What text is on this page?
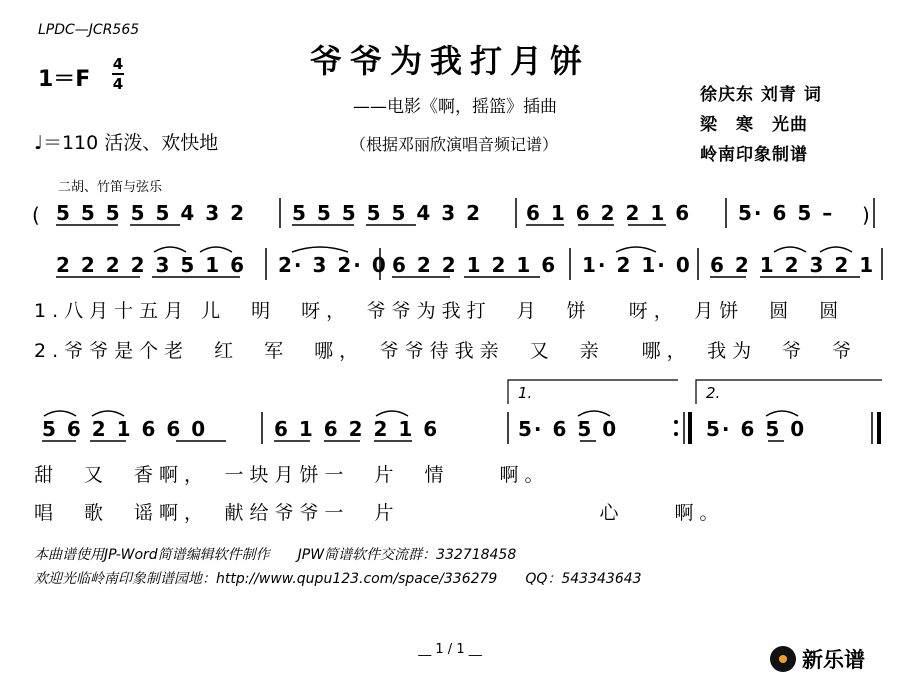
LPDC—JCR565
爷爷为我打月饼
——电影《啊，摇篮》插曲
（根据邓丽欣演唱音频记谱）
1＝F
4
4
♩＝110 活泼、欢快地
徐庆东 刘青 词
梁　寒　光曲
岭南印象制谱
二胡、竹笛与弦乐
( 5 5 5 5 5 4 3 2 5 5 5 5 5 4 3 2 6 1 6 2 2 1 6 5· 6 5 – )
2 2 2 2 3 5 1 6 2· 3 2· 0 6 2 2 1 2 1 6 1· 2 1· 0 6 2 1 2 3 2 1
1.八月十五月 儿　明　呀，　爷爷为我打　月　饼　 呀，　月饼　圆　圆
2.爷爷是个老　红　军　哪，　爷爷待我亲　又　亲　 哪，　我为　爷　爷
1.	2.
5 6 2 1 6 6 0	6 1 6 2 2 1 6	5· 6 5 0	5· 6 5 0
甜　又　香啊，　一块月饼一　片　情　　啊。
唱　歌　谣啊，　献给爷爷一　片　　　　　　　　心　　啊。
本曲谱使用JP-Word简谱编辑软件制作　　JPW简谱软件交流群：332718458
欢迎光临岭南印象制谱园地：http://www.qupu123.com/space/336279　　QQ：543343643
__ 1 / 1 __	新乐谱
